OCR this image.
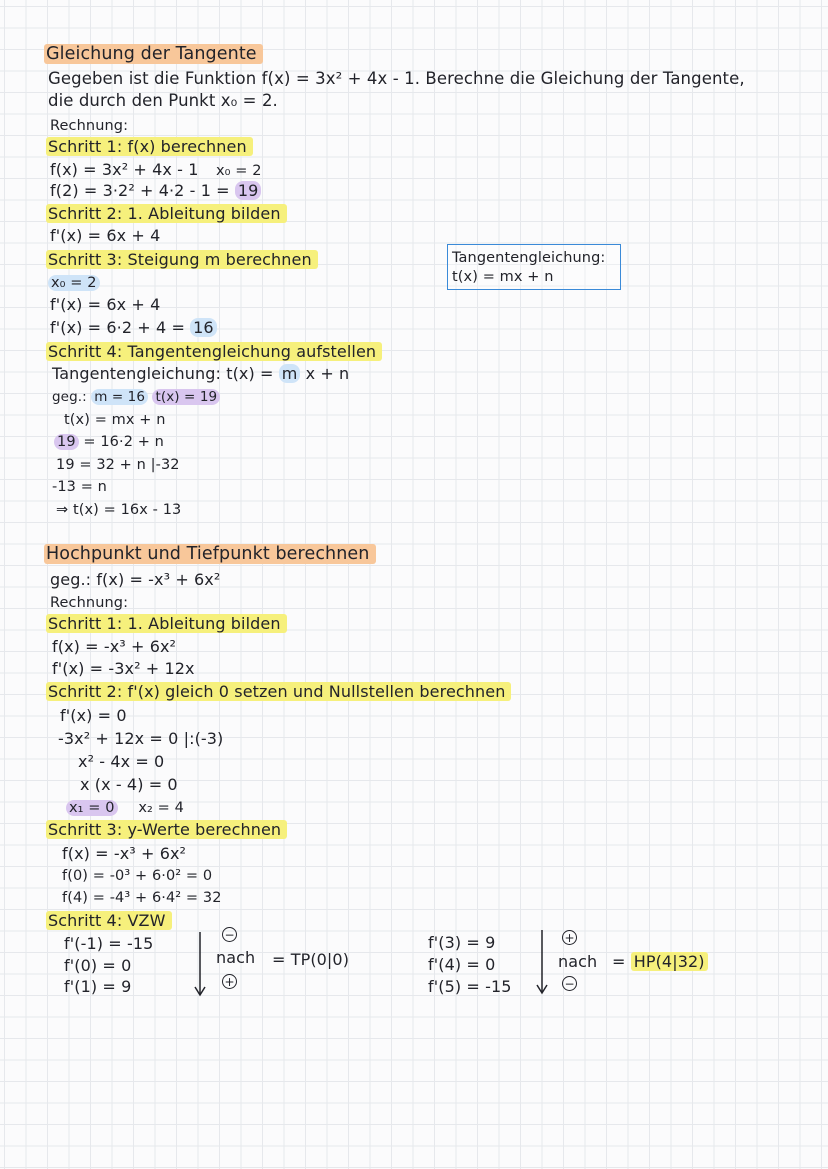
Gleichung der Tangente
Gegeben ist die Funktion f(x) = 3x² + 4x - 1. Berechne die Gleichung der Tangente,
die durch den Punkt x₀ = 2.
Rechnung:
Schritt 1: f(x) berechnen
f(x) = 3x² + 4x - 1 x₀ = 2
f(2) = 3·2² + 4·2 - 1 = 19
Schritt 2: 1. Ableitung bilden
f'(x) = 6x + 4
Schritt 3: Steigung m berechnen
x₀ = 2
f'(x) = 6x + 4
f'(x) = 6·2 + 4 = 16
Schritt 4: Tangentengleichung aufstellen
Tangentengleichung: t(x) = m x + n
geg.: m = 16 t(x) = 19
t(x) = mx + n
19 = 16·2 + n
19 = 32 + n |-32
-13 = n
⇒ t(x) = 16x - 13
Tangentengleichung:
t(x) = mx + n
Hochpunkt und Tiefpunkt berechnen
geg.: f(x) = -x³ + 6x²
Rechnung:
Schritt 1: 1. Ableitung bilden
f(x) = -x³ + 6x²
f'(x) = -3x² + 12x
Schritt 2: f'(x) gleich 0 setzen und Nullstellen berechnen
f'(x) = 0
-3x² + 12x = 0 |:(-3)
x² - 4x = 0
x (x - 4) = 0
x₁ = 0 x₂ = 4
Schritt 3: y-Werte berechnen
f(x) = -x³ + 6x²
f(0) = -0³ + 6·0² = 0
f(4) = -4³ + 6·4² = 32
Schritt 4: VZW
f'(-1) = -15
f'(0) = 0
f'(1) = 9
−
nach
+
= TP(0|0)
f'(3) = 9
f'(4) = 0
f'(5) = -15
+
nach
−
= HP(4|32)
